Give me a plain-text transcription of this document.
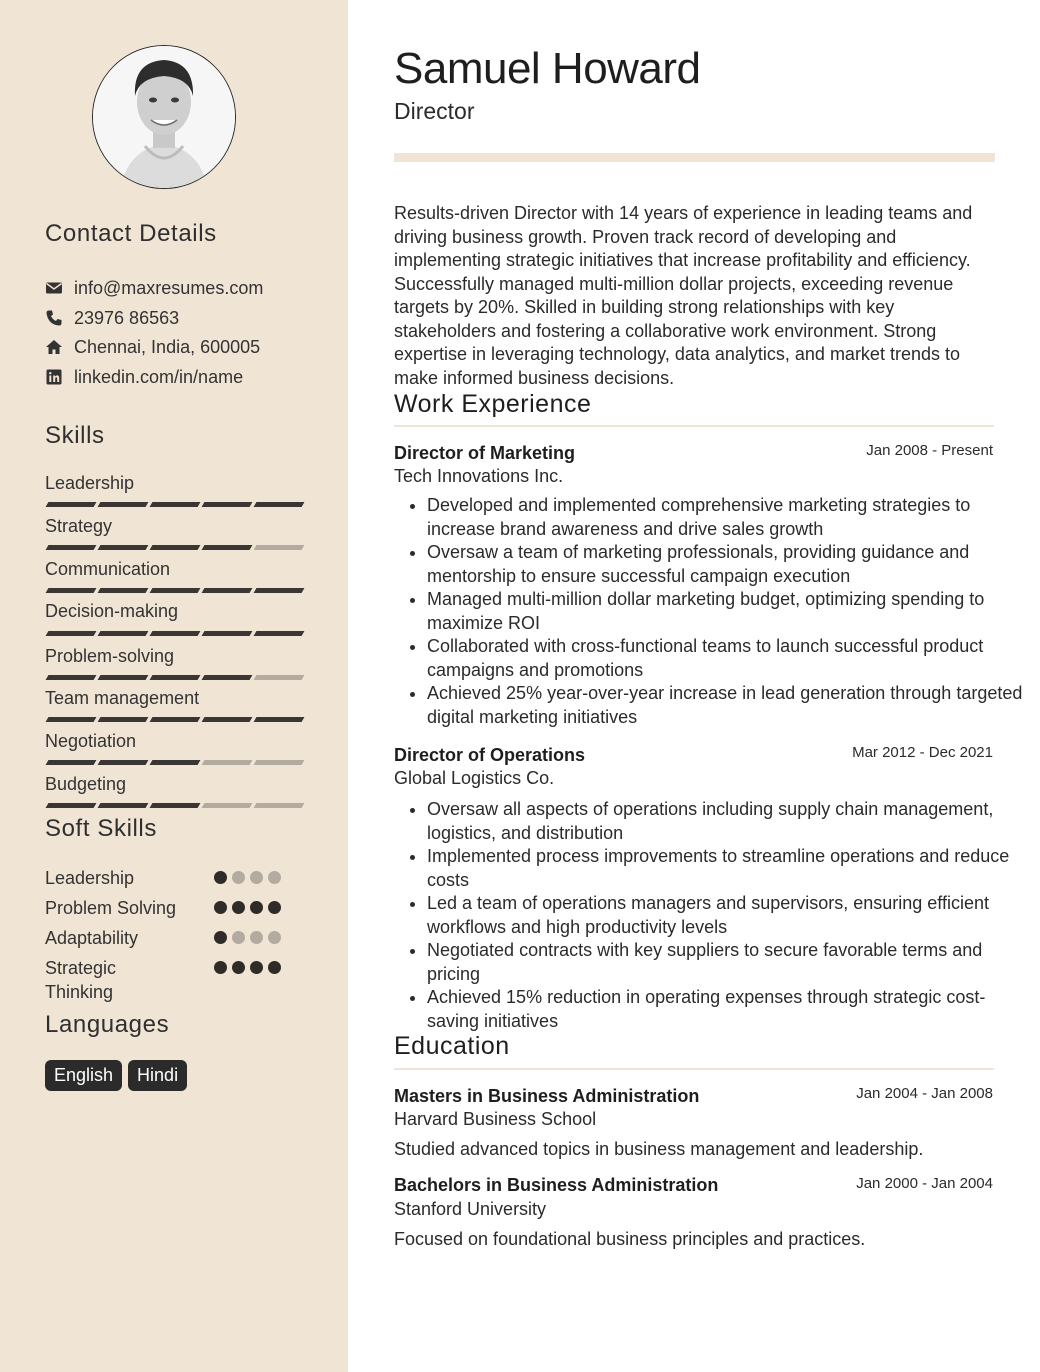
Contact Details
info@maxresumes.com
23976 86563
Chennai, India, 600005
linkedin.com/in/name
Skills
Leadership
Strategy
Communication
Decision-making
Problem-solving
Team management
Negotiation
Budgeting
Soft Skills
Leadership
Problem Solving
Adaptability
Strategic Thinking
Languages
English	Hindi
Samuel Howard
Director

Results-driven Director with 14 years of experience in leading teams and driving business growth. Proven track record of developing and implementing strategic initiatives that increase profitability and efficiency. Successfully managed multi-million dollar projects, exceeding revenue targets by 20%. Skilled in building strong relationships with key stakeholders and fostering a collaborative work environment. Strong expertise in leveraging technology, data analytics, and market trends to make informed business decisions.

Work Experience
Director of Marketing	Jan 2008 - Present
Tech Innovations Inc.
• Developed and implemented comprehensive marketing strategies to increase brand awareness and drive sales growth
• Oversaw a team of marketing professionals, providing guidance and mentorship to ensure successful campaign execution
• Managed multi-million dollar marketing budget, optimizing spending to maximize ROI
• Collaborated with cross-functional teams to launch successful product campaigns and promotions
• Achieved 25% year-over-year increase in lead generation through targeted digital marketing initiatives
Director of Operations	Mar 2012 - Dec 2021
Global Logistics Co.
• Oversaw all aspects of operations including supply chain management, logistics, and distribution
• Implemented process improvements to streamline operations and reduce costs
• Led a team of operations managers and supervisors, ensuring efficient workflows and high productivity levels
• Negotiated contracts with key suppliers to secure favorable terms and pricing
• Achieved 15% reduction in operating expenses through strategic cost-saving initiatives
Education
Masters in Business Administration	Jan 2004 - Jan 2008
Harvard Business School
Studied advanced topics in business management and leadership.
Bachelors in Business Administration	Jan 2000 - Jan 2004
Stanford University
Focused on foundational business principles and practices.
